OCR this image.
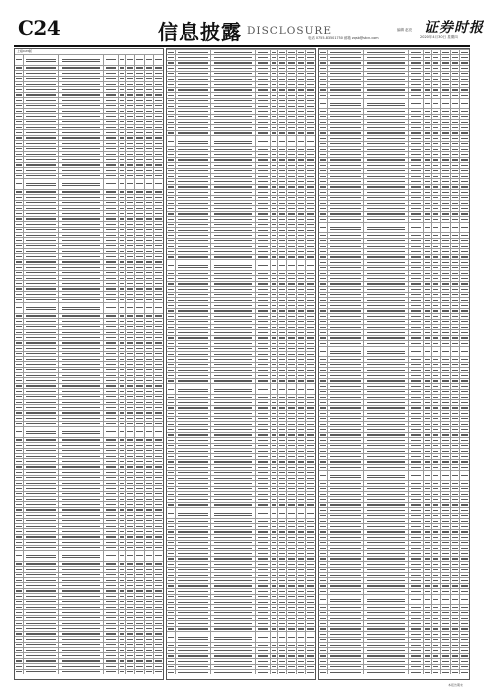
C24	信息披露 DISCLOSURE	编辑 赵亮
电话 0755-83501750 邮箱 zqsb@stcn.com
证券时报
2020年4月30日 星期四
上接C23版
本报告期末
